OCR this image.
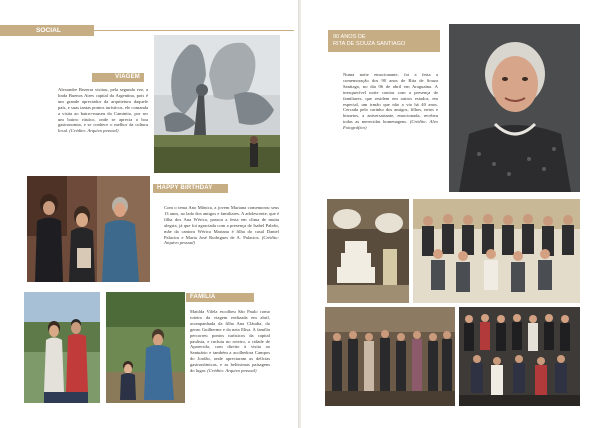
SOCIAL ARAGUAÍNA
VIAGEM
Alexandre Bezerra visitou, pela segunda vez, a linda Buenos Aires capital da Argentina, pois é um grande apreciador da arquitetura daquele país, e suas tantas pontos turísticos, ele comanda a visita ao bairro-museu do Caminito, por ser um bairro rústico, onde se aprecia a boa gastronomia, e se conhece o melhor da cultura local. (Crédito: Arquivo pessoal)
HAPPY BIRTHDAY
Com o tema Ano Mônica, a jovem Mariana comemorou seus 13 anos, ao lado dos amigos e familiares. A adolescente, que é filha dos Ana Wérica, passou a festa em clima de muita alegria, já que foi agraciada com a presença de Isabel Paleão, mãe da cantora Wérica Mariana é filha do casal Daniel Palacios e Maria José Rodrigues de A. Palacios. (Crédito: Arquivo pessoal)
FAMÍLIA
Matilda Vilela escolheu São Paulo como roteiro da viagem realizada em abril, acompanhada da filha Ana Cláudia, do genro Guilherme e da neta Elisa. A família percorreu pontos turísticos da capital paulista, e incluiu no roteiro, a cidade de Aparecida, com direito à visita ao Santuário e também a acolhedora Campos do Jordão, onde apreciaram as delícias gastronômicas, e as belíssimas paisagens do lugar. (Crédito: Arquivo pessoal)
90 ANOS DE
RITA DE SOUZA SANTIAGO
Numa noite emocionante, foi a festa a comemoração dos 90 anos de Rita de Souza Santiago, no dia 06 de abril em Araguaína. A inesquecível noite contou com a presença de familiares, que residem em outros estados, em especial, um irmão que não a via há 40 anos. Cercada pelo carinho dos amigos, filhos, netos e bisnetos, a aniversariante, emocionada, recebeu todas as merecidas homenagens. (Crédito: Alvo Fotográfico)
